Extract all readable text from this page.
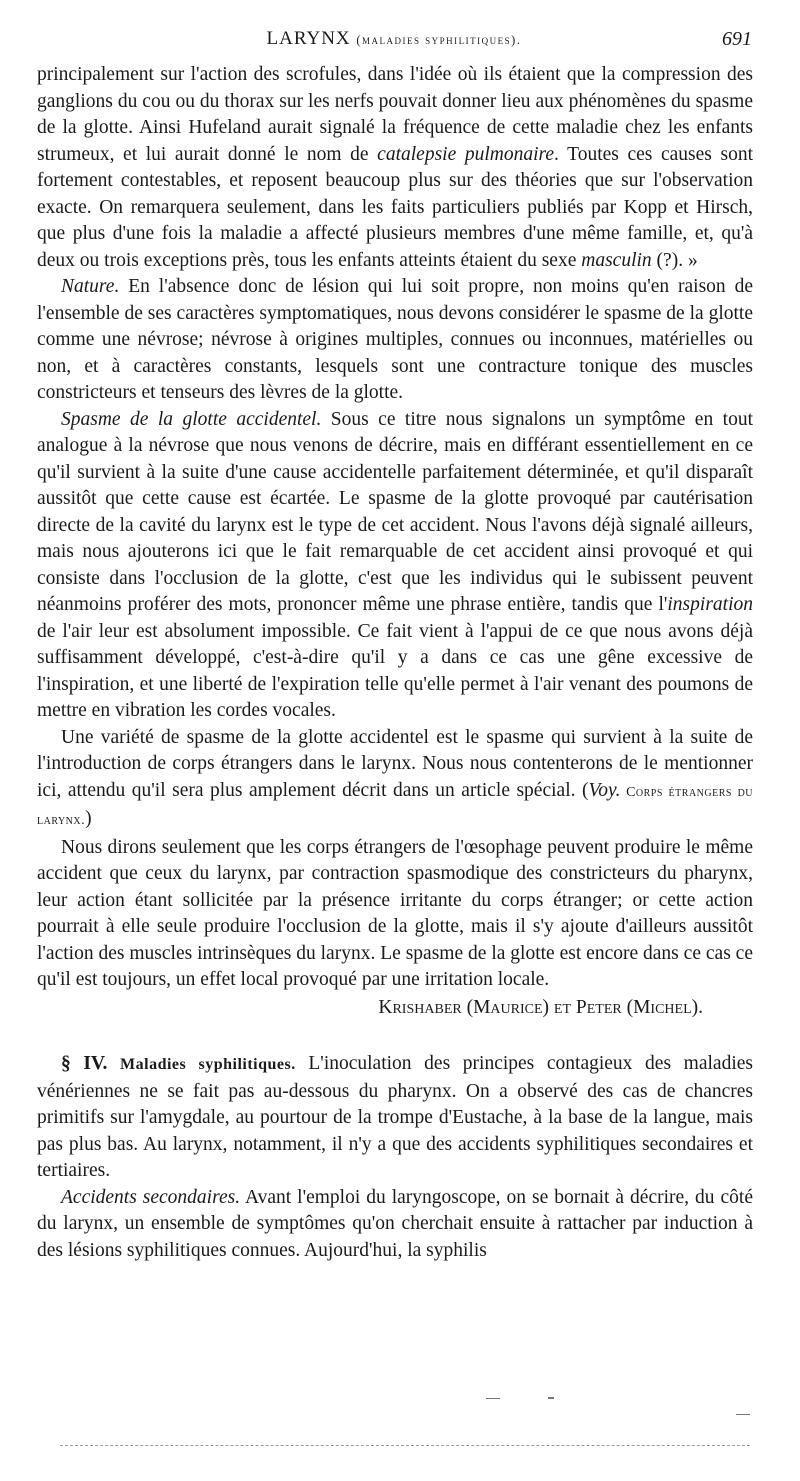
LARYNX (maladies syphilitiques).	691

principalement sur l'action des scrofules, dans l'idée où ils étaient que la compression des ganglions du cou ou du thorax sur les nerfs pouvait donner lieu aux phénomènes du spasme de la glotte. Ainsi Hufeland aurait signalé la fréquence de cette maladie chez les enfants strumeux, et lui aurait donné le nom de catalepsie pulmonaire. Toutes ces causes sont fortement contestables, et reposent beaucoup plus sur des théories que sur l'observation exacte. On remarquera seulement, dans les faits particuliers publiés par Kopp et Hirsch, que plus d'une fois la maladie a affecté plusieurs membres d'une même famille, et, qu'à deux ou trois exceptions près, tous les enfants atteints étaient du sexe masculin (?). »

Nature. En l'absence donc de lésion qui lui soit propre, non moins qu'en raison de l'ensemble de ses caractères symptomatiques, nous devons considérer le spasme de la glotte comme une névrose; névrose à origines multiples, connues ou inconnues, matérielles ou non, et à caractères constants, lesquels sont une contracture tonique des muscles constricteurs et tenseurs des lèvres de la glotte.

Spasme de la glotte accidentel. Sous ce titre nous signalons un symptôme en tout analogue à la névrose que nous venons de décrire, mais en différant essentiellement en ce qu'il survient à la suite d'une cause accidentelle parfaitement déterminée, et qu'il disparaît aussitôt que cette cause est écartée. Le spasme de la glotte provoqué par cautérisation directe de la cavité du larynx est le type de cet accident. Nous l'avons déjà signalé ailleurs, mais nous ajouterons ici que le fait remarquable de cet accident ainsi provoqué et qui consiste dans l'occlusion de la glotte, c'est que les individus qui le subissent peuvent néanmoins proférer des mots, prononcer même une phrase entière, tandis que l'inspiration de l'air leur est absolument impossible. Ce fait vient à l'appui de ce que nous avons déjà suffisamment développé, c'est-à-dire qu'il y a dans ce cas une gêne excessive de l'inspiration, et une liberté de l'expiration telle qu'elle permet à l'air venant des poumons de mettre en vibration les cordes vocales.

Une variété de spasme de la glotte accidentel est le spasme qui survient à la suite de l'introduction de corps étrangers dans le larynx. Nous nous contenterons de le mentionner ici, attendu qu'il sera plus amplement décrit dans un article spécial. (Voy. Corps étrangers du larynx.)

Nous dirons seulement que les corps étrangers de l'œsophage peuvent produire le même accident que ceux du larynx, par contraction spasmodique des constricteurs du pharynx, leur action étant sollicitée par la présence irritante du corps étranger; or cette action pourrait à elle seule produire l'occlusion de la glotte, mais il s'y ajoute d'ailleurs aussitôt l'action des muscles intrinsèques du larynx. Le spasme de la glotte est encore dans ce cas ce qu'il est toujours, un effet local provoqué par une irritation locale.

Krishaber (Maurice) et Peter (Michel).

§ IV. Maladies syphilitiques. L'inoculation des principes contagieux des maladies vénériennes ne se fait pas au-dessous du pharynx. On a observé des cas de chancres primitifs sur l'amygdale, au pourtour de la trompe d'Eustache, à la base de la langue, mais pas plus bas. Au larynx, notamment, il n'y a que des accidents syphilitiques secondaires et tertiaires.

Accidents secondaires. Avant l'emploi du laryngoscope, on se bornait à décrire, du côté du larynx, un ensemble de symptômes qu'on cherchait ensuite à rattacher par induction à des lésions syphilitiques connues. Aujourd'hui, la syphilis
